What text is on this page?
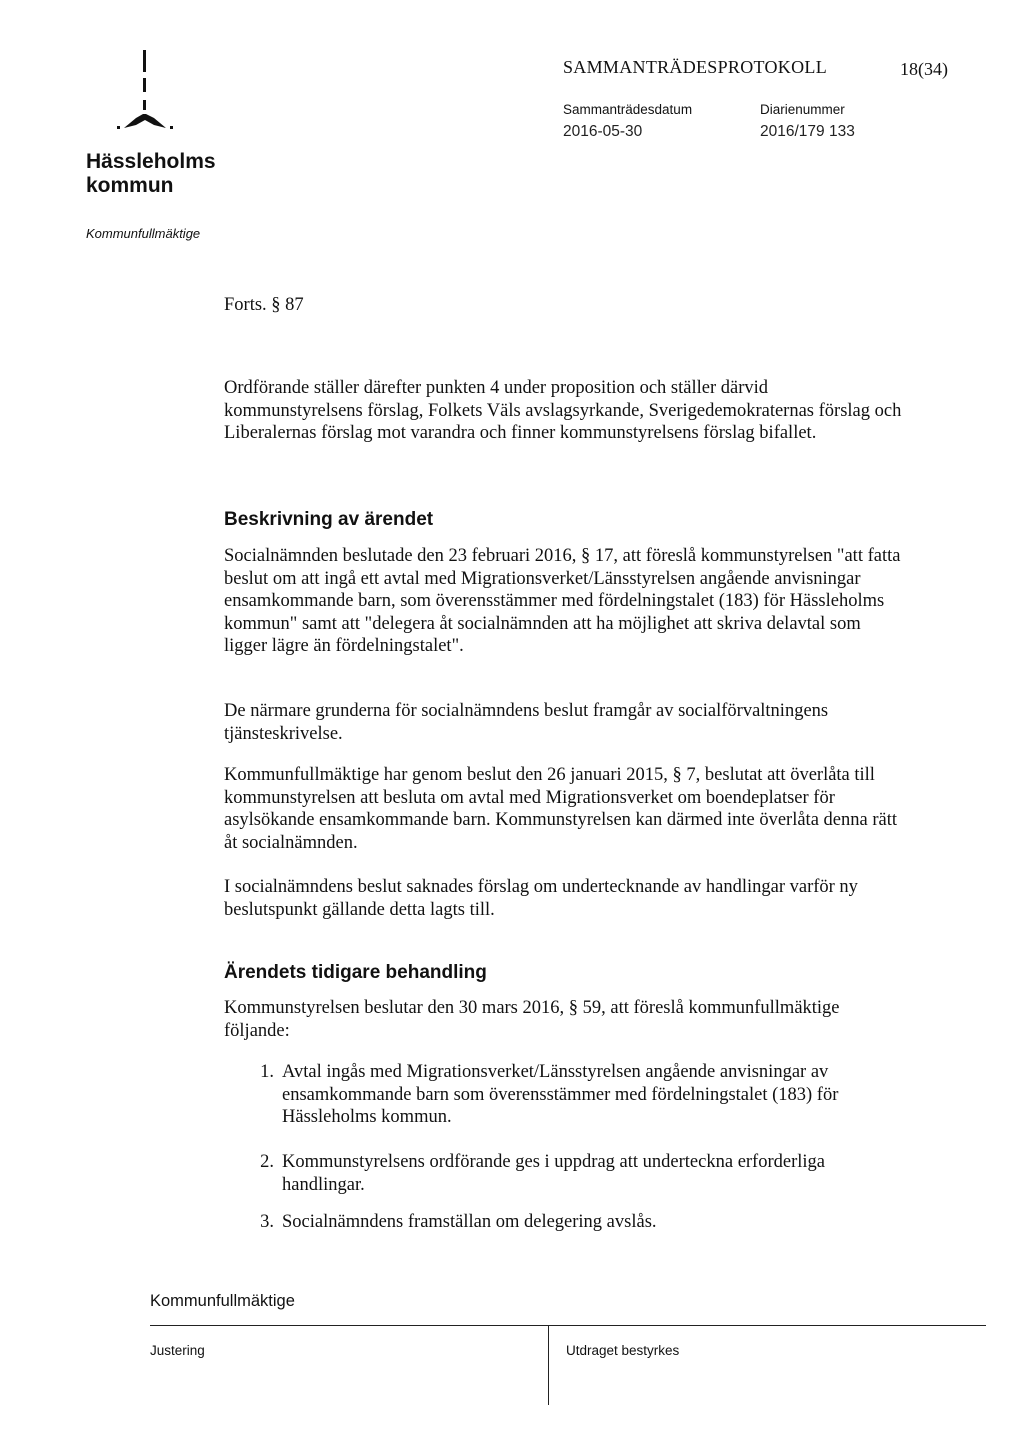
Hässleholms
kommun
SAMMANTRÄDESPROTOKOLL	18(34)
Sammanträdesdatum	Diarienummer
2016-05-30	2016/179 133
Kommunfullmäktige
Forts. § 87
Ordförande ställer därefter punkten 4 under proposition och ställer därvid kommunstyrelsens förslag, Folkets Väls avslagsyrkande, Sverigedemokraternas förslag och Liberalernas förslag mot varandra och finner kommunstyrelsens förslag bifallet.
Beskrivning av ärendet
Socialnämnden beslutade den 23 februari 2016, § 17, att föreslå kommunstyrelsen "att fatta beslut om att ingå ett avtal med Migrationsverket/Länsstyrelsen angående anvisningar ensamkommande barn, som överensstämmer med fördelningstalet (183) för Hässleholms kommun" samt att "delegera åt socialnämnden att ha möjlighet att skriva delavtal som ligger lägre än fördelningstalet".
De närmare grunderna för socialnämndens beslut framgår av socialförvaltningens tjänsteskrivelse.
Kommunfullmäktige har genom beslut den 26 januari 2015, § 7, beslutat att överlåta till kommunstyrelsen att besluta om avtal med Migrationsverket om boendeplatser för asylsökande ensamkommande barn. Kommunstyrelsen kan därmed inte överlåta denna rätt åt socialnämnden.
I socialnämndens beslut saknades förslag om undertecknande av handlingar varför ny beslutspunkt gällande detta lagts till.
Ärendets tidigare behandling
Kommunstyrelsen beslutar den 30 mars 2016, § 59, att föreslå kommunfullmäktige följande:
1. Avtal ingås med Migrationsverket/Länsstyrelsen angående anvisningar av ensamkommande barn som överensstämmer med fördelningstalet (183) för Hässleholms kommun.
2. Kommunstyrelsens ordförande ges i uppdrag att underteckna erforderliga handlingar.
3. Socialnämndens framställan om delegering avslås.
Kommunfullmäktige
Justering	Utdraget bestyrkes
